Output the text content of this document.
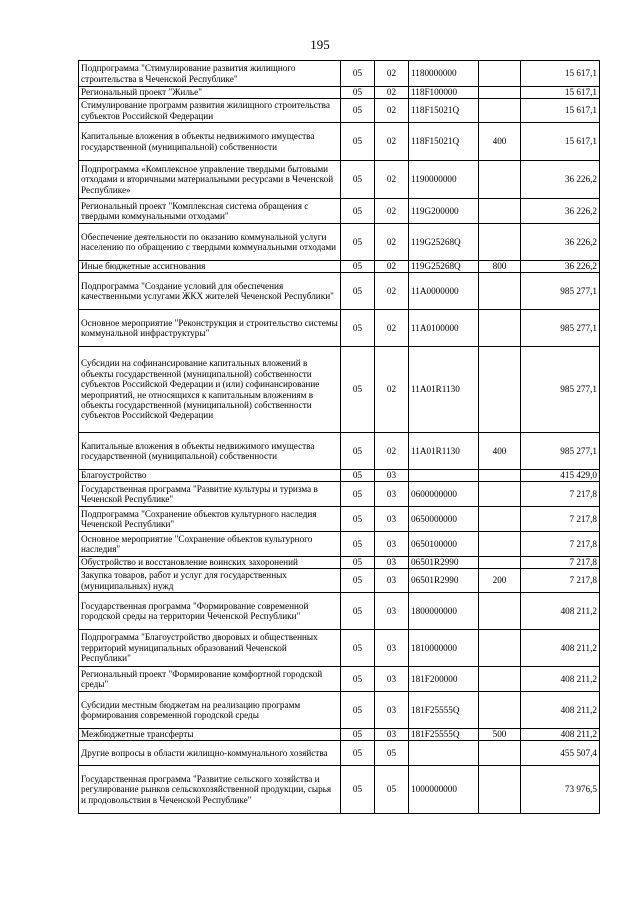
195
Подпрограмма "Стимулирование развития жилищного строительства в Чеченской Республике"	05	02	1180000000		15 617,1
Региональный проект "Жилье"	05	02	118F100000		15 617,1
Стимулирование программ развития жилищного строительства субъектов Российской Федерации	05	02	118F15021Q		15 617,1
Капитальные вложения в объекты недвижимого имущества государственной (муниципальной) собственности	05	02	118F15021Q	400	15 617,1
Подпрограмма «Комплексное управление твердыми бытовыми отходами и вторичными материальными ресурсами в Чеченской Республике»	05	02	1190000000		36 226,2
Региональный проект "Комплексная система обращения с твердыми коммунальными отходами"	05	02	119G200000		36 226,2
Обеспечение деятельности по оказанию коммунальной услуги населению по обращению с твердыми коммунальными отходами	05	02	119G25268Q		36 226,2
Иные бюджетные ассигнования	05	02	119G25268Q	800	36 226,2
Подпрограмма "Создание условий для обеспечения качественными услугами ЖКХ жителей Чеченской Республики"	05	02	11A0000000		985 277,1
Основное мероприятие "Реконструкция и строительство системы коммунальной инфраструктуры"	05	02	11A0100000		985 277,1
Субсидии на софинансирование капитальных вложений в объекты государственной (муниципальной) собственности субъектов Российской Федерации и (или) софинансирование мероприятий, не относящихся к капитальным вложениям в объекты государственной (муниципальной) собственности субъектов Российской Федерации	05	02	11A01R1130		985 277,1
Капитальные вложения в объекты недвижимого имущества государственной (муниципальной) собственности	05	02	11A01R1130	400	985 277,1
Благоустройство	05	03			415 429,0
Государственная программа "Развитие культуры и туризма в Чеченской Республике"	05	03	0600000000		7 217,8
Подпрограмма "Сохранение объектов культурного наследия Чеченской Республики"	05	03	0650000000		7 217,8
Основное мероприятие "Сохранение объектов культурного наследия"	05	03	0650100000		7 217,8
Обустройство и восстановление воинских захоронений	05	03	06501R2990		7 217,8
Закупка товаров, работ и услуг для государственных (муниципальных) нужд	05	03	06501R2990	200	7 217,8
Государственная программа "Формирование современной городской среды на территории Чеченской Республики"	05	03	1800000000		408 211,2
Подпрограмма "Благоустройство дворовых и общественных территорий муниципальных образований Чеченской Республики"	05	03	1810000000		408 211,2
Региональный проект "Формирование комфортной городской среды"	05	03	181F200000		408 211,2
Субсидии местным бюджетам на реализацию программ формирования современной городской среды	05	03	181F25555Q		408 211,2
Межбюджетные трансферты	05	03	181F25555Q	500	408 211,2
Другие вопросы в области жилищно-коммунального хозяйства	05	05			455 507,4
Государственная программа "Развитие сельского хозяйства и регулирование рынков сельскохозяйственной продукции, сырья и продовольствия в Чеченской Республике"	05	05	1000000000		73 976,5
